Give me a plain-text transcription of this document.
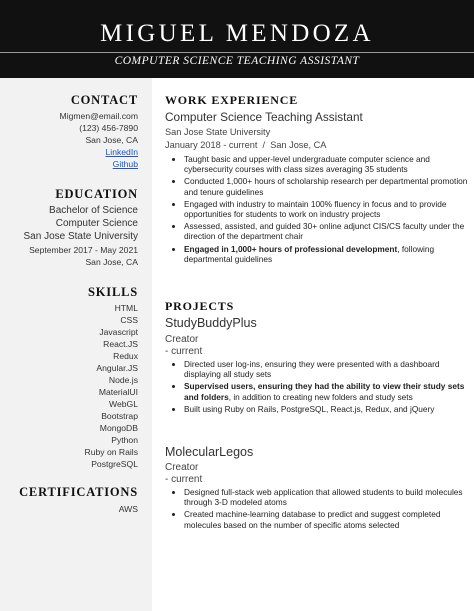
MIGUEL MENDOZA
COMPUTER SCIENCE TEACHING ASSISTANT
CONTACT
Migmen@email.com
(123) 456-7890
San Jose, CA
LinkedIn
Github
EDUCATION
Bachelor of Science
Computer Science
San Jose State University
September 2017 - May 2021
San Jose, CA
SKILLS
HTML
CSS
Javascript
React.JS
Redux
Angular.JS
Node.js
MaterialUI
WebGL
Bootstrap
MongoDB
Python
Ruby on Rails
PostgreSQL
CERTIFICATIONS
AWS
WORK EXPERIENCE
Computer Science Teaching Assistant
San Jose State University
January 2018 - current  /  San Jose, CA
• Taught basic and upper-level undergraduate computer science and cybersecurity courses with class sizes averaging 35 students
• Conducted 1,000+ hours of scholarship research per departmental promotion and tenure guidelines
• Engaged with industry to maintain 100% fluency in focus and to provide opportunities for students to work on industry projects
• Assessed, assisted, and guided 30+ online adjunct CIS/CS faculty under the direction of the department chair
• Engaged in 1,000+ hours of professional development, following departmental guidelines
PROJECTS
StudyBuddyPlus
Creator
- current
• Directed user log-ins, ensuring they were presented with a dashboard displaying all study sets
• Supervised users, ensuring they had the ability to view their study sets and folders, in addition to creating new folders and study sets
• Built using Ruby on Rails, PostgreSQL, React.js, Redux, and jQuery
MolecularLegos
Creator
- current
• Designed full-stack web application that allowed students to build molecules through 3-D modeled atoms
• Created machine-learning database to predict and suggest completed molecules based on the number of specific atoms selected
